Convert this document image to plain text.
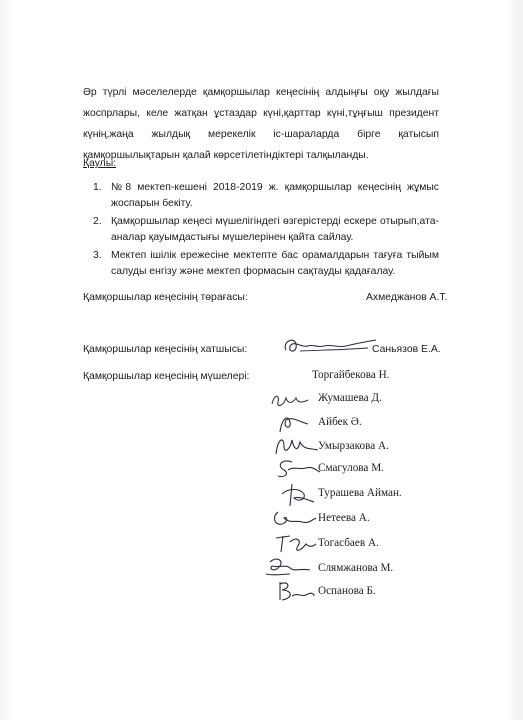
Әр түрлі мәселелерде қамқоршылар кеңесінің алдыңғы оқу жылдағы
жоспрлары, келе жатқан ұстаздар күні,қарттар күні,тұңғыш президент
күнің,жаңа жылдық мерекелік іс-шараларда бірге қатысып
қамқоршылықтарын қалай көрсетілетіндіктері талқыланды.
Қаулы:
1. №8 мектеп-кешені 2018-2019 ж. қамқоршылар кеңесінің жұмыс
жоспарын бекіту.
2. Қамқоршылар кеңесі мүшелігіндегі өзгерістерді ескере отырып,ата-
аналар қауымдастығы мүшелерінен қайта сайлау.
3. Мектеп ішілік ережесіне мектепте бас орамалдарын тағуға тыйым
салуды енгізу және мектеп формасын сақтауды қадағалау.
Қамқоршылар кеңесінің төрағасы:	Ахмеджанов А.Т.
Қамқоршылар кеңесінің хатшысы:	Саньязов Е.А.
Қамқоршылар кеңесінің мүшелері:	Торгайбекова Н.
Жумашева Д.
Айбек Ә.
Умырзакова А.
Смагулова М.
Турашева Айман.
Нетеева А.
Тогасбаев А.
Слямжанова М.
Оспанова Б.
